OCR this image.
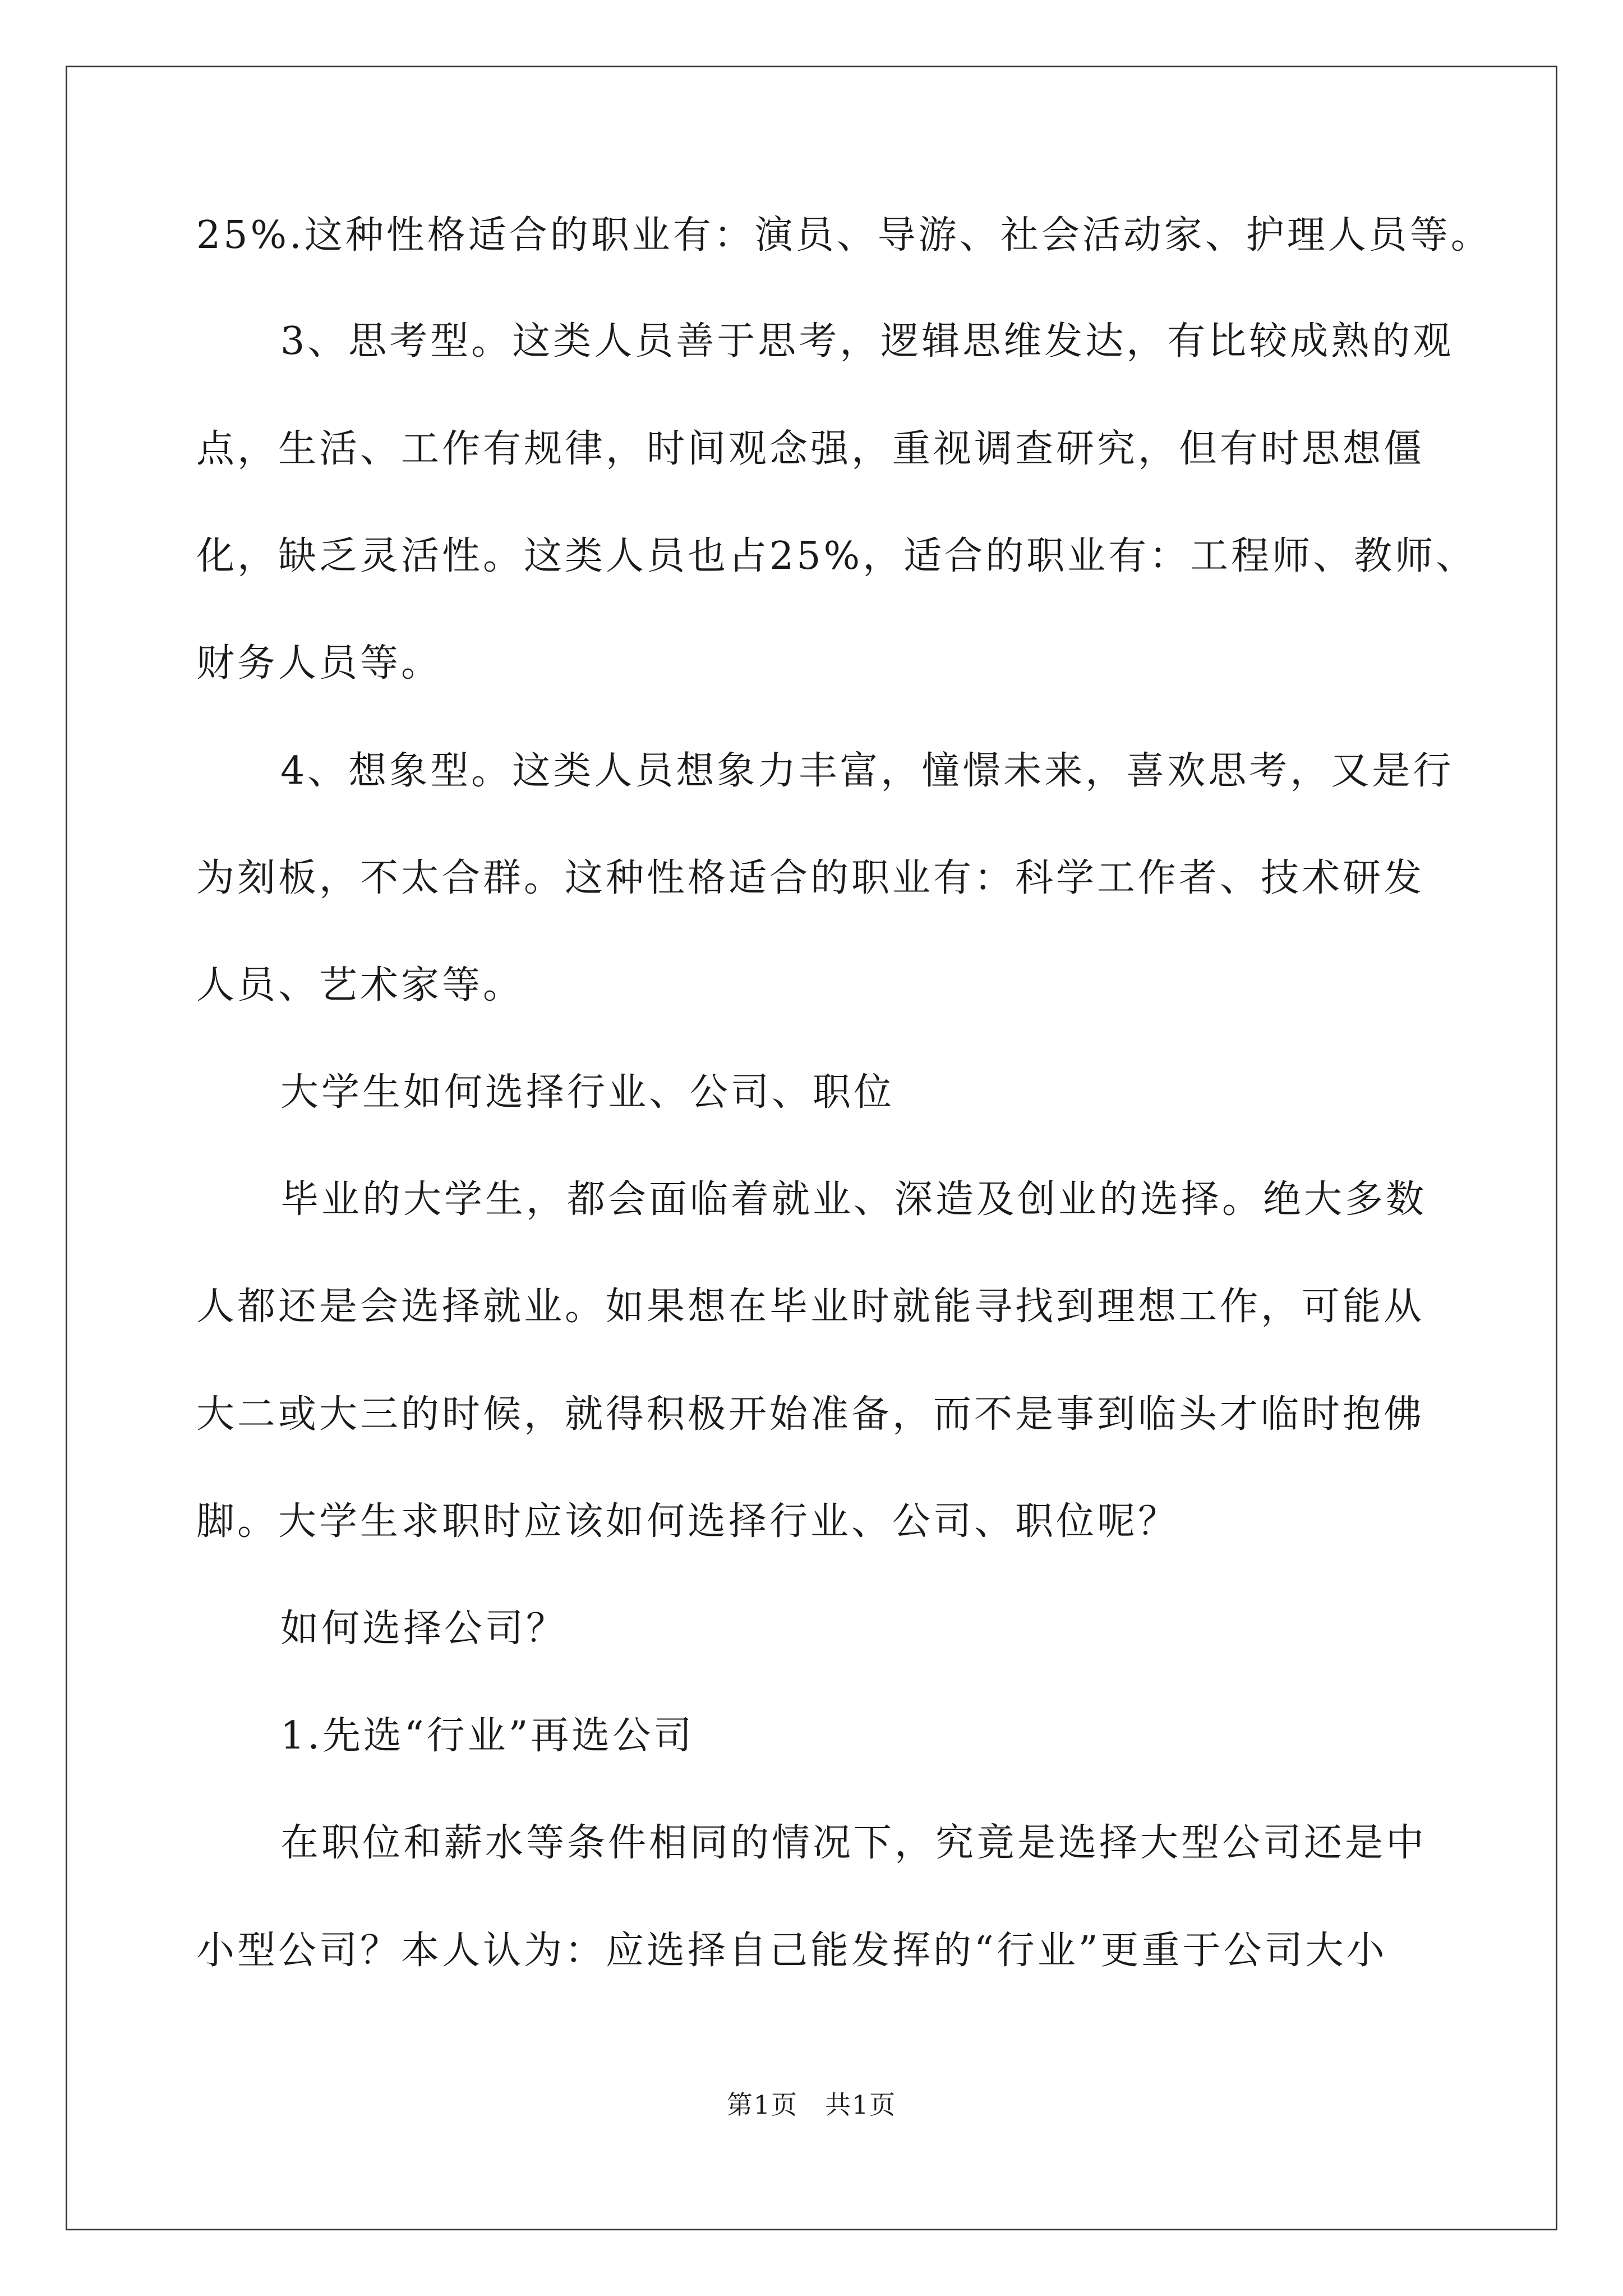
25%.这种性格适合的职业有：演员、导游、社会活动家、护理人员等。
3、思考型。这类人员善于思考，逻辑思维发达，有比较成熟的观
点，生活、工作有规律，时间观念强，重视调查研究，但有时思想僵
化，缺乏灵活性。这类人员也占25%，适合的职业有：工程师、教师、
财务人员等。
4、想象型。这类人员想象力丰富，憧憬未来，喜欢思考，又是行
为刻板，不太合群。这种性格适合的职业有：科学工作者、技术研发
人员、艺术家等。
大学生如何选择行业、公司、职位
毕业的大学生，都会面临着就业、深造及创业的选择。绝大多数
人都还是会选择就业。如果想在毕业时就能寻找到理想工作，可能从
大二或大三的时候，就得积极开始准备，而不是事到临头才临时抱佛
脚。大学生求职时应该如何选择行业、公司、职位呢？
如何选择公司？
1.先选“行业”再选公司
在职位和薪水等条件相同的情况下，究竟是选择大型公司还是中
小型公司？本人认为：应选择自己能发挥的“行业”更重于公司大小
第1页　共1页
